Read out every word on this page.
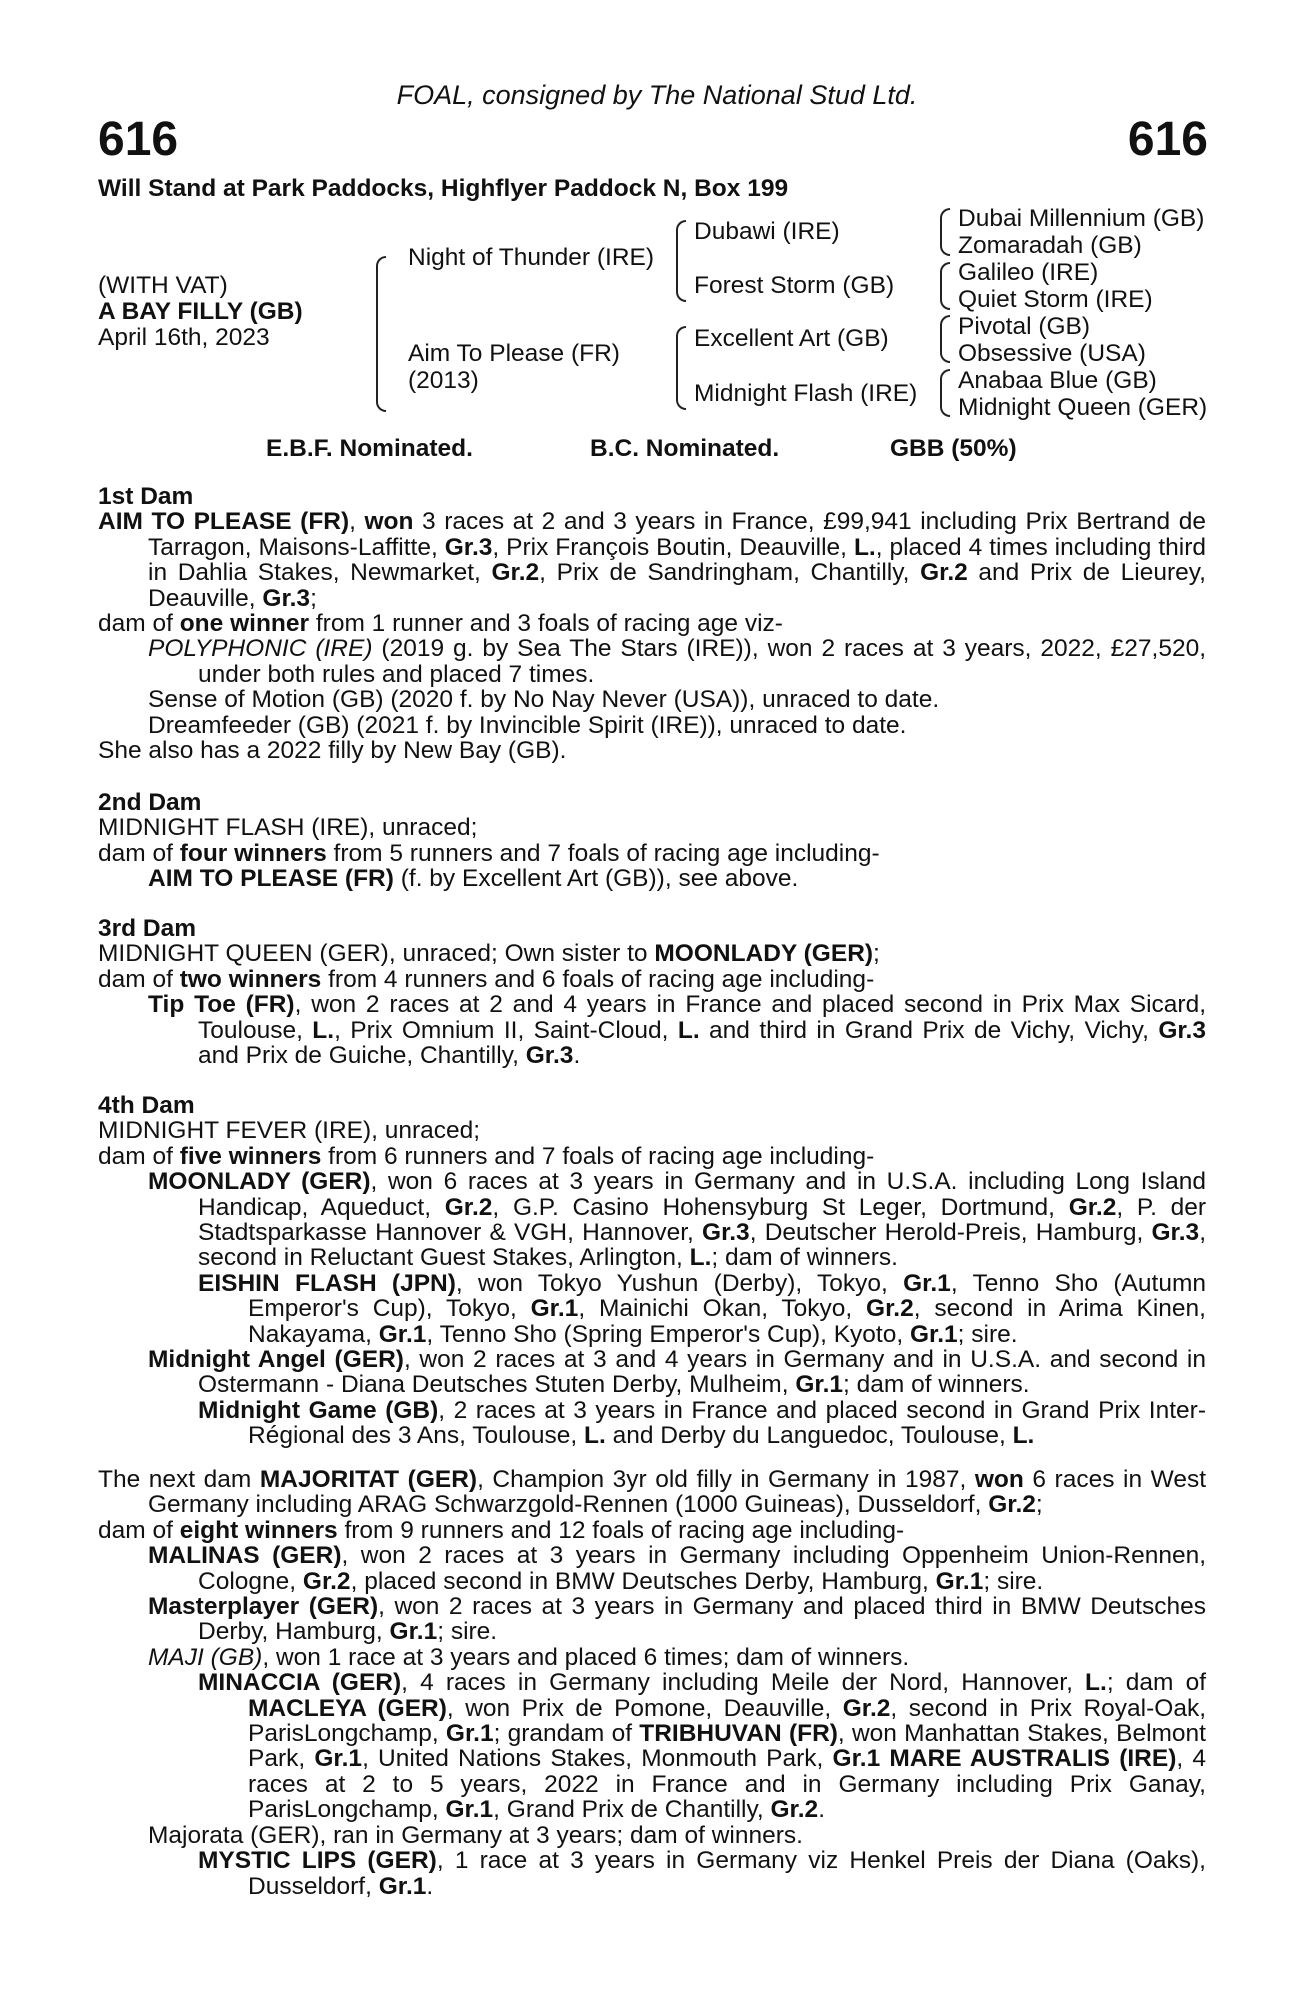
FOAL, consigned by The National Stud Ltd.
616	616
Will Stand at Park Paddocks, Highflyer Paddock N, Box 199
(WITH VAT)
A BAY FILLY (GB)
April 16th, 2023
Night of Thunder (IRE)
Aim To Please (FR)
(2013)
Dubawi (IRE)
Forest Storm (GB)
Excellent Art (GB)
Midnight Flash (IRE)
Dubai Millennium (GB)
Zomaradah (GB)
Galileo (IRE)
Quiet Storm (IRE)
Pivotal (GB)
Obsessive (USA)
Anabaa Blue (GB)
Midnight Queen (GER)
E.B.F. Nominated.	B.C. Nominated.	GBB (50%)

1st Dam

AIM TO PLEASE (FR), won 3 races at 2 and 3 years in France, £99,941 including Prix Bertrand de Tarragon, Maisons-Laffitte, Gr.3, Prix François Boutin, Deauville, L., placed 4 times including third in Dahlia Stakes, Newmarket, Gr.2, Prix de Sandringham, Chantilly, Gr.2 and Prix de Lieurey, Deauville, Gr.3;

dam of one winner from 1 runner and 3 foals of racing age viz-

POLYPHONIC (IRE) (2019 g. by Sea The Stars (IRE)), won 2 races at 3 years, 2022, £27,520, under both rules and placed 7 times.

Sense of Motion (GB) (2020 f. by No Nay Never (USA)), unraced to date.

Dreamfeeder (GB) (2021 f. by Invincible Spirit (IRE)), unraced to date.

She also has a 2022 filly by New Bay (GB).

2nd Dam

MIDNIGHT FLASH (IRE), unraced;

dam of four winners from 5 runners and 7 foals of racing age including-

AIM TO PLEASE (FR) (f. by Excellent Art (GB)), see above.

3rd Dam

MIDNIGHT QUEEN (GER), unraced; Own sister to MOONLADY (GER);

dam of two winners from 4 runners and 6 foals of racing age including-

Tip Toe (FR), won 2 races at 2 and 4 years in France and placed second in Prix Max Sicard, Toulouse, L., Prix Omnium II, Saint-Cloud, L. and third in Grand Prix de Vichy, Vichy, Gr.3 and Prix de Guiche, Chantilly, Gr.3.

4th Dam

MIDNIGHT FEVER (IRE), unraced;

dam of five winners from 6 runners and 7 foals of racing age including-

MOONLADY (GER), won 6 races at 3 years in Germany and in U.S.A. including Long Island Handicap, Aqueduct, Gr.2, G.P. Casino Hohensyburg St Leger, Dortmund, Gr.2, P. der Stadtsparkasse Hannover & VGH, Hannover, Gr.3, Deutscher Herold-Preis, Hamburg, Gr.3, second in Reluctant Guest Stakes, Arlington, L.; dam of winners.

EISHIN FLASH (JPN), won Tokyo Yushun (Derby), Tokyo, Gr.1, Tenno Sho (Autumn Emperor's Cup), Tokyo, Gr.1, Mainichi Okan, Tokyo, Gr.2, second in Arima Kinen, Nakayama, Gr.1, Tenno Sho (Spring Emperor's Cup), Kyoto, Gr.1; sire.

Midnight Angel (GER), won 2 races at 3 and 4 years in Germany and in U.S.A. and second in Ostermann - Diana Deutsches Stuten Derby, Mulheim, Gr.1; dam of winners.

Midnight Game (GB), 2 races at 3 years in France and placed second in Grand Prix Inter-Régional des 3 Ans, Toulouse, L. and Derby du Languedoc, Toulouse, L.

The next dam MAJORITAT (GER), Champion 3yr old filly in Germany in 1987, won 6 races in West Germany including ARAG Schwarzgold-Rennen (1000 Guineas), Dusseldorf, Gr.2;

dam of eight winners from 9 runners and 12 foals of racing age including-

MALINAS (GER), won 2 races at 3 years in Germany including Oppenheim Union-Rennen, Cologne, Gr.2, placed second in BMW Deutsches Derby, Hamburg, Gr.1; sire.

Masterplayer (GER), won 2 races at 3 years in Germany and placed third in BMW Deutsches Derby, Hamburg, Gr.1; sire.

MAJI (GB), won 1 race at 3 years and placed 6 times; dam of winners.

MINACCIA (GER), 4 races in Germany including Meile der Nord, Hannover, L.; dam of MACLEYA (GER), won Prix de Pomone, Deauville, Gr.2, second in Prix Royal-Oak, ParisLongchamp, Gr.1; grandam of TRIBHUVAN (FR), won Manhattan Stakes, Belmont Park, Gr.1, United Nations Stakes, Monmouth Park, Gr.1 MARE AUSTRALIS (IRE), 4 races at 2 to 5 years, 2022 in France and in Germany including Prix Ganay, ParisLongchamp, Gr.1, Grand Prix de Chantilly, Gr.2.

Majorata (GER), ran in Germany at 3 years; dam of winners.

MYSTIC LIPS (GER), 1 race at 3 years in Germany viz Henkel Preis der Diana (Oaks), Dusseldorf, Gr.1.
